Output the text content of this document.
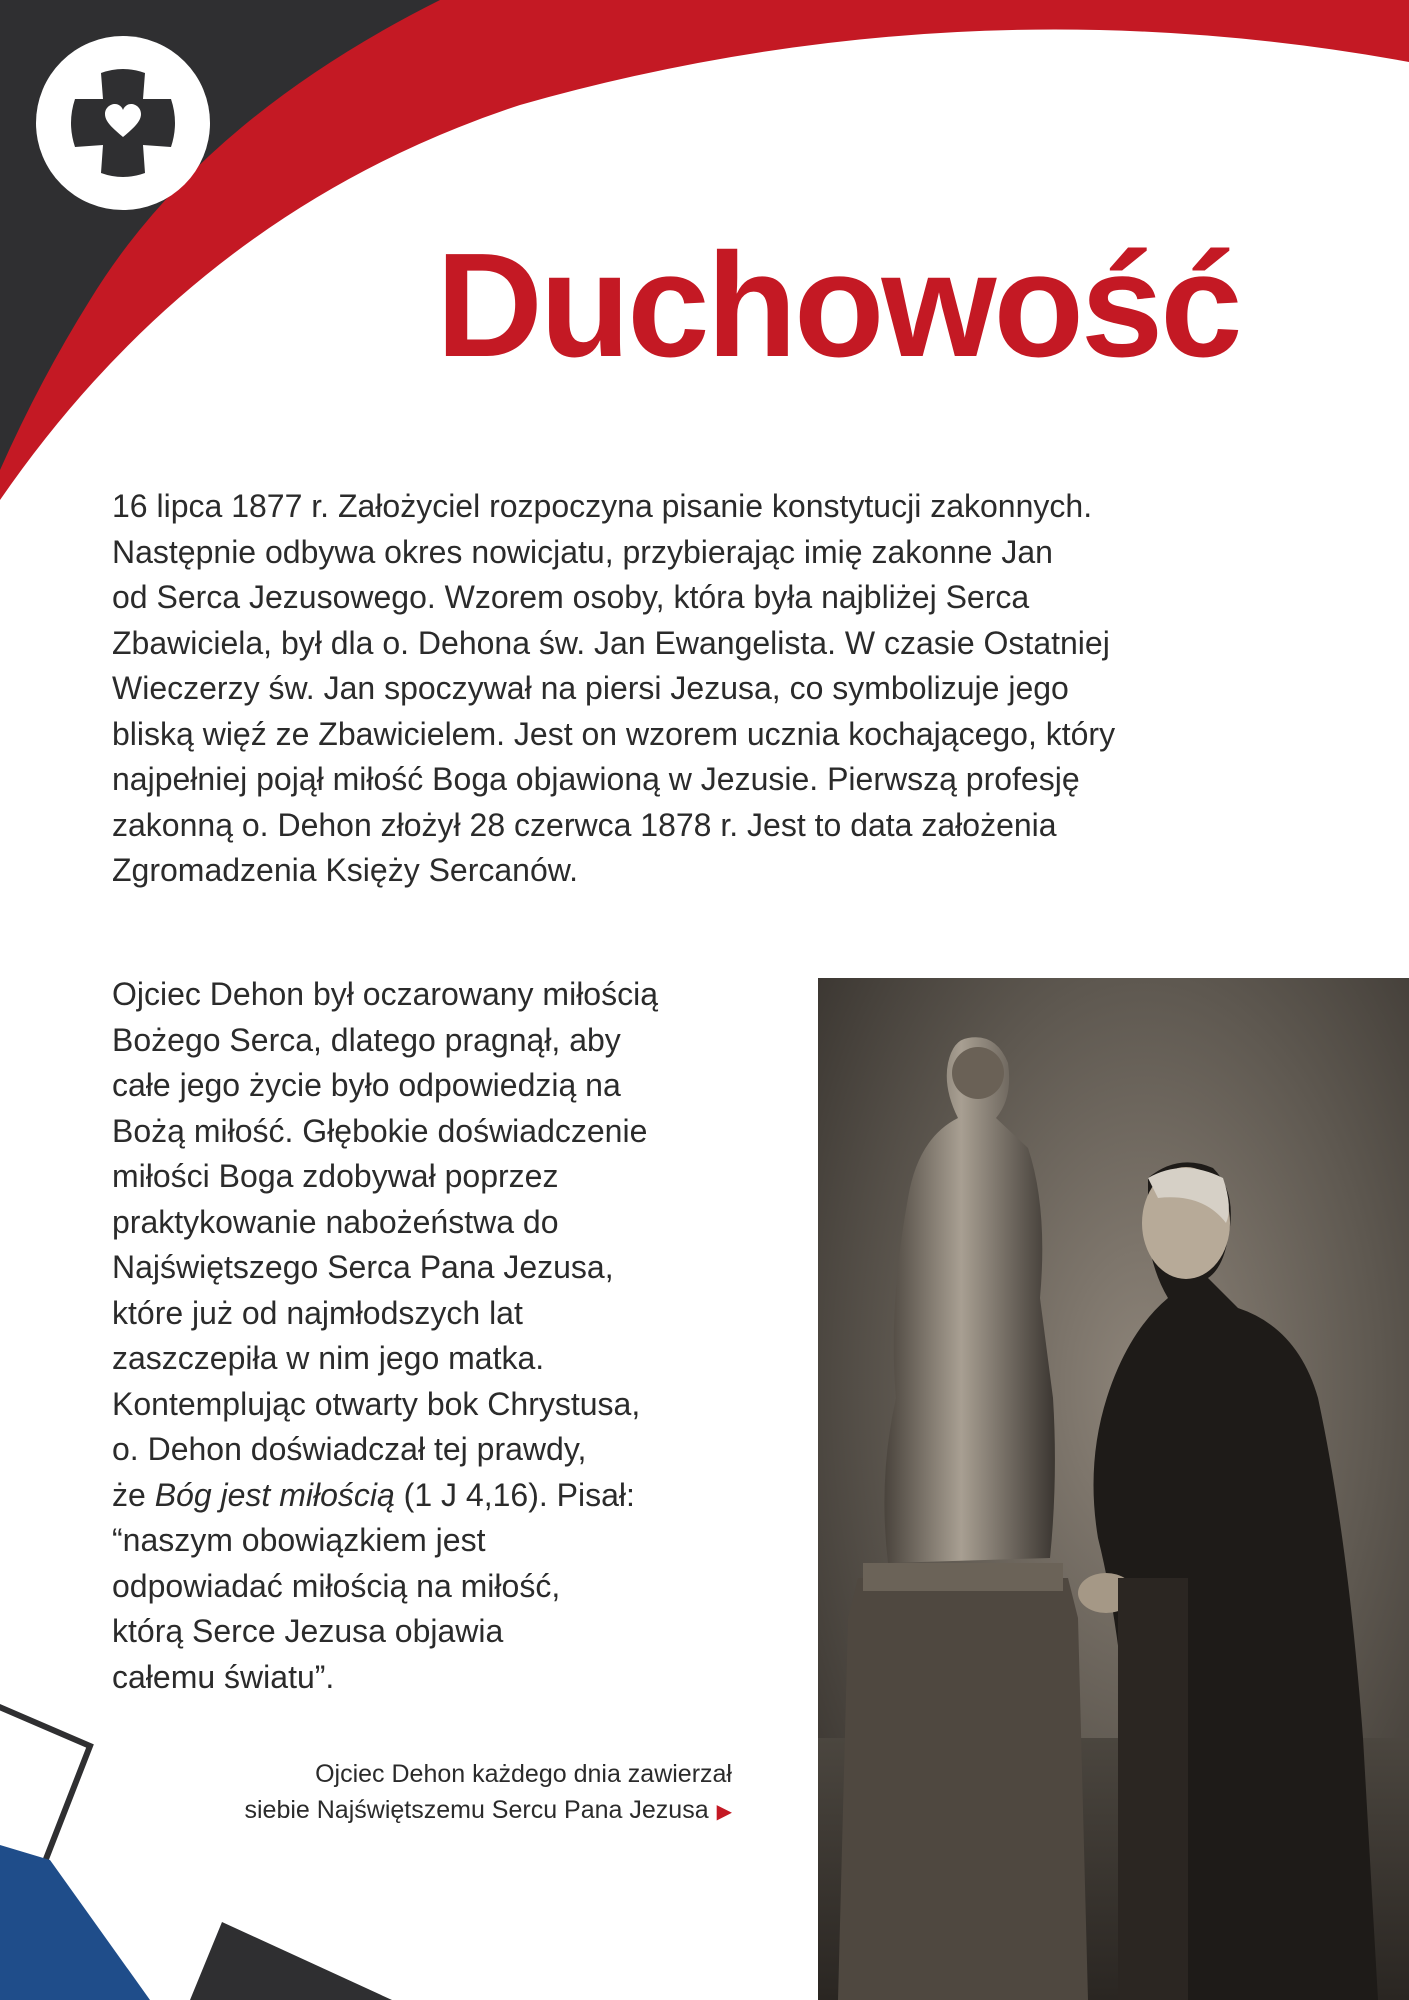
Duchowość

16 lipca 1877 r. Założyciel rozpoczyna pisanie konstytucji zakonnych.
Następnie odbywa okres nowicjatu, przybierając imię zakonne Jan
od Serca Jezusowego. Wzorem osoby, która była najbliżej Serca
Zbawiciela, był dla o. Dehona św. Jan Ewangelista. W czasie Ostatniej
Wieczerzy św. Jan spoczywał na piersi Jezusa, co symbolizuje jego
bliską więź ze Zbawicielem. Jest on wzorem ucznia kochającego, który
najpełniej pojął miłość Boga objawioną w Jezusie. Pierwszą profesję
zakonną o. Dehon złożył 28 czerwca 1878 r. Jest to data założenia
Zgromadzenia Księży Sercanów.

Ojciec Dehon był oczarowany miłością
Bożego Serca, dlatego pragnął, aby
całe jego życie było odpowiedzią na
Bożą miłość. Głębokie doświadczenie
miłości Boga zdobywał poprzez
praktykowanie nabożeństwa do
Najświętszego Serca Pana Jezusa,
które już od najmłodszych lat
zaszczepiła w nim jego matka.
Kontemplując otwarty bok Chrystusa,
o. Dehon doświadczał tej prawdy,
że Bóg jest miłością (1 J 4,16). Pisał:
“naszym obowiązkiem jest
odpowiadać miłością na miłość,
którą Serce Jezusa objawia
całemu światu”.

Ojciec Dehon każdego dnia zawierzał
siebie Najświętszemu Sercu Pana Jezusa ▶
